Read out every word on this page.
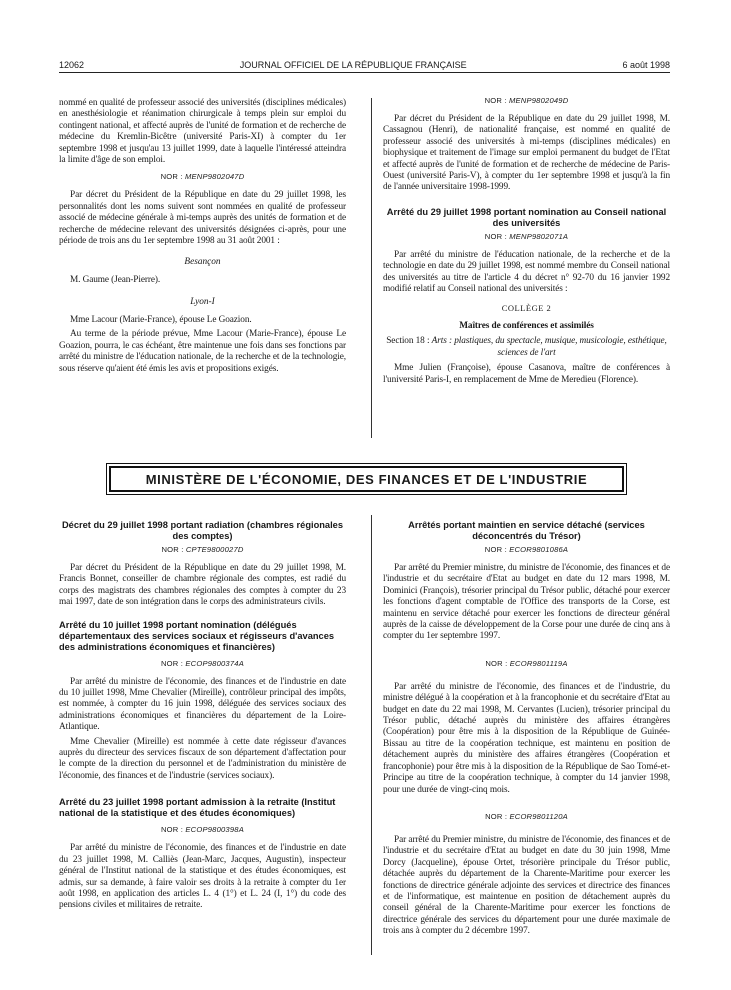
12062	JOURNAL OFFICIEL DE LA RÉPUBLIQUE FRANÇAISE	6 août 1998

nommé en qualité de professeur associé des universités (disciplines médicales) en anesthésiologie et réanimation chirurgicale à temps plein sur emploi du contingent national, et affecté auprès de l'unité de formation et de recherche de médecine du Kremlin-Bicêtre (université Paris-XI) à compter du 1er septembre 1998 et jusqu'au 13 juillet 1999, date à laquelle l'intéressé atteindra la limite d'âge de son emploi.

NOR : MENP9802047D

Par décret du Président de la République en date du 29 juillet 1998, les personnalités dont les noms suivent sont nommées en qualité de professeur associé de médecine générale à mi-temps auprès des unités de formation et de recherche de médecine relevant des universités désignées ci-après, pour une période de trois ans du 1er septembre 1998 au 31 août 2001 :

Besançon

M. Gaume (Jean-Pierre).

Lyon-I

Mme Lacour (Marie-France), épouse Le Goazion.

Au terme de la période prévue, Mme Lacour (Marie-France), épouse Le Goazion, pourra, le cas échéant, être maintenue une fois dans ses fonctions par arrêté du ministre de l'éducation nationale, de la recherche et de la technologie, sous réserve qu'aient été émis les avis et propositions exigés.

NOR : MENP9802049D

Par décret du Président de la République en date du 29 juillet 1998, M. Cassagnou (Henri), de nationalité française, est nommé en qualité de professeur associé des universités à mi-temps (disciplines médicales) en biophysique et traitement de l'image sur emploi permanent du budget de l'Etat et affecté auprès de l'unité de formation et de recherche de médecine de Paris-Ouest (université Paris-V), à compter du 1er septembre 1998 et jusqu'à la fin de l'année universitaire 1998-1999.

Arrêté du 29 juillet 1998 portant nomination au Conseil national des universités
NOR : MENP9802071A

Par arrêté du ministre de l'éducation nationale, de la recherche et de la technologie en date du 29 juillet 1998, est nommé membre du Conseil national des universités au titre de l'article 4 du décret n° 92-70 du 16 janvier 1992 modifié relatif au Conseil national des universités :

COLLÈGE 2

Maîtres de conférences et assimilés

Section 18 : Arts : plastiques, du spectacle, musique, musicologie, esthétique, sciences de l'art

Mme Julien (Françoise), épouse Casanova, maître de conférences à l'université Paris-I, en remplacement de Mme de Meredieu (Florence).

MINISTÈRE DE L'ÉCONOMIE, DES FINANCES ET DE L'INDUSTRIE
Décret du 29 juillet 1998 portant radiation (chambres régionales des comptes)
NOR : CPTE9800027D

Par décret du Président de la République en date du 29 juillet 1998, M. Francis Bonnet, conseiller de chambre régionale des comptes, est radié du corps des magistrats des chambres régionales des comptes à compter du 23 mai 1997, date de son intégration dans le corps des administrateurs civils.

Arrêté du 10 juillet 1998 portant nomination (délégués départementaux des services sociaux et régisseurs d'avances des administrations économiques et financières)
NOR : ECOP9800374A

Par arrêté du ministre de l'économie, des finances et de l'industrie en date du 10 juillet 1998, Mme Chevalier (Mireille), contrôleur principal des impôts, est nommée, à compter du 16 juin 1998, déléguée des services sociaux des administrations économiques et financières du département de la Loire-Atlantique.

Mme Chevalier (Mireille) est nommée à cette date régisseur d'avances auprès du directeur des services fiscaux de son département d'affectation pour le compte de la direction du personnel et de l'administration du ministère de l'économie, des finances et de l'industrie (services sociaux).

Arrêté du 23 juillet 1998 portant admission à la retraite (Institut national de la statistique et des études économiques)
NOR : ECOP9800398A

Par arrêté du ministre de l'économie, des finances et de l'industrie en date du 23 juillet 1998, M. Calliès (Jean-Marc, Jacques, Augustin), inspecteur général de l'Institut national de la statistique et des études économiques, est admis, sur sa demande, à faire valoir ses droits à la retraite à compter du 1er août 1998, en application des articles L. 4 (1°) et L. 24 (I, 1°) du code des pensions civiles et militaires de retraite.

Arrêtés portant maintien en service détaché (services déconcentrés du Trésor)
NOR : ECOR9801086A

Par arrêté du Premier ministre, du ministre de l'économie, des finances et de l'industrie et du secrétaire d'Etat au budget en date du 12 mars 1998, M. Dominici (François), trésorier principal du Trésor public, détaché pour exercer les fonctions d'agent comptable de l'Office des transports de la Corse, est maintenu en service détaché pour exercer les fonctions de directeur général auprès de la caisse de développement de la Corse pour une durée de cinq ans à compter du 1er septembre 1997.

NOR : ECOR9801119A

Par arrêté du ministre de l'économie, des finances et de l'industrie, du ministre délégué à la coopération et à la francophonie et du secrétaire d'Etat au budget en date du 22 mai 1998, M. Cervantes (Lucien), trésorier principal du Trésor public, détaché auprès du ministère des affaires étrangères (Coopération) pour être mis à la disposition de la République de Guinée-Bissau au titre de la coopération technique, est maintenu en position de détachement auprès du ministère des affaires étrangères (Coopération et francophonie) pour être mis à la disposition de la République de Sao Tomé-et-Principe au titre de la coopération technique, à compter du 14 janvier 1998, pour une durée de vingt-cinq mois.

NOR : ECOR9801120A

Par arrêté du Premier ministre, du ministre de l'économie, des finances et de l'industrie et du secrétaire d'Etat au budget en date du 30 juin 1998, Mme Dorcy (Jacqueline), épouse Ortet, trésorière principale du Trésor public, détachée auprès du département de la Charente-Maritime pour exercer les fonctions de directrice générale adjointe des services et directrice des finances et de l'informatique, est maintenue en position de détachement auprès du conseil général de la Charente-Maritime pour exercer les fonctions de directrice générale des services du département pour une durée maximale de trois ans à compter du 2 décembre 1997.
